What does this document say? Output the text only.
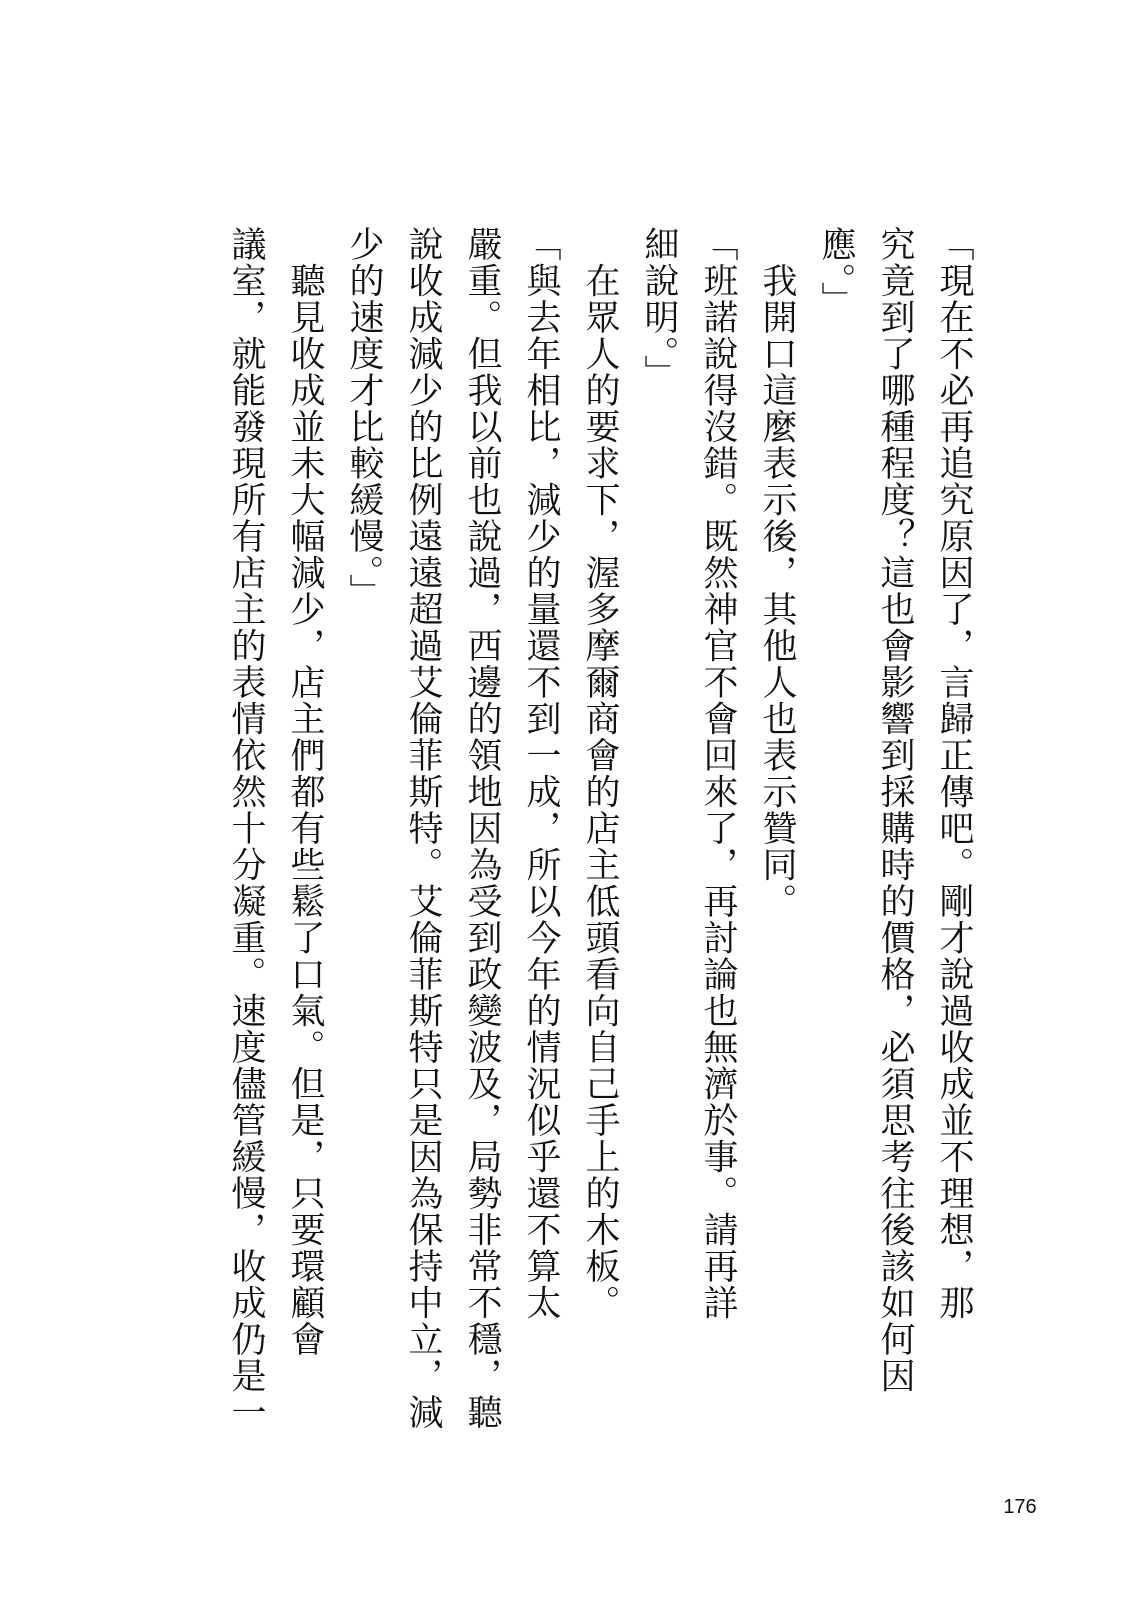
「現在不必再追究原因了，言歸正傳吧。剛才說過收成並不理想，那

究竟到了哪種程度？這也會影響到採購時的價格，必須思考往後該如何因

應。」

　我開口這麼表示後，其他人也表示贊同。

「班諾說得沒錯。既然神官不會回來了，再討論也無濟於事。請再詳

細說明。」

　在眾人的要求下，渥多摩爾商會的店主低頭看向自己手上的木板。

「與去年相比，減少的量還不到一成，所以今年的情況似乎還不算太

嚴重。但我以前也說過，西邊的領地因為受到政變波及，局勢非常不穩，聽

說收成減少的比例遠遠超過艾倫菲斯特。艾倫菲斯特只是因為保持中立，減

少的速度才比較緩慢。」

　聽見收成並未大幅減少，店主們都有些鬆了口氣。但是，只要環顧會

議室，就能發現所有店主的表情依然十分凝重。速度儘管緩慢，收成仍是一

176
